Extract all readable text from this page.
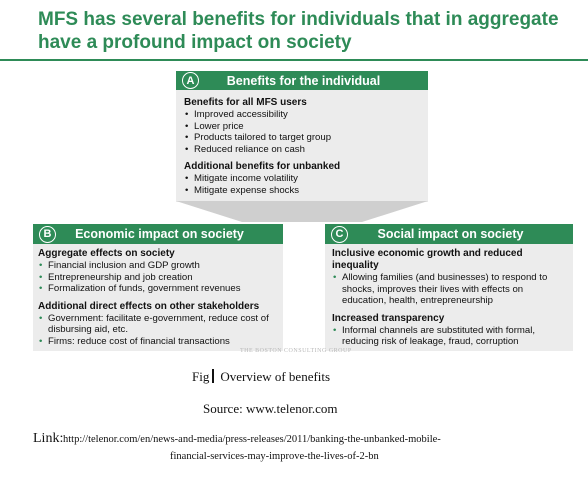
MFS has several benefits for individuals that in aggregate
have a profound impact on society
A	Benefits for the individual
Benefits for all MFS users
• Improved accessibility
• Lower price
• Products tailored to target group
• Reduced reliance on cash
Additional benefits for unbanked
• Mitigate income volatility
• Mitigate expense shocks
B	Economic impact on society
Aggregate effects on society
• Financial inclusion and GDP growth
• Entrepreneurship and job creation
• Formalization of funds, government revenues
Additional direct effects on other stakeholders
• Government: facilitate e-government, reduce cost of disbursing aid, etc.
• Firms: reduce cost of financial transactions
C	Social impact on society
Inclusive economic growth and reduced inequality
• Allowing families (and businesses) to respond to shocks, improves their lives with effects on education, health, entrepreneurship
Increased transparency
• Informal channels are substituted with formal, reducing risk of leakage, fraud, corruption
THE BOSTON CONSULTING GROUP
Fig Overview of benefits
Source: www.telenor.com
Link: http://telenor.com/en/news-and-media/press-releases/2011/banking-the-unbanked-mobile-
financial-services-may-improve-the-lives-of-2-bn
